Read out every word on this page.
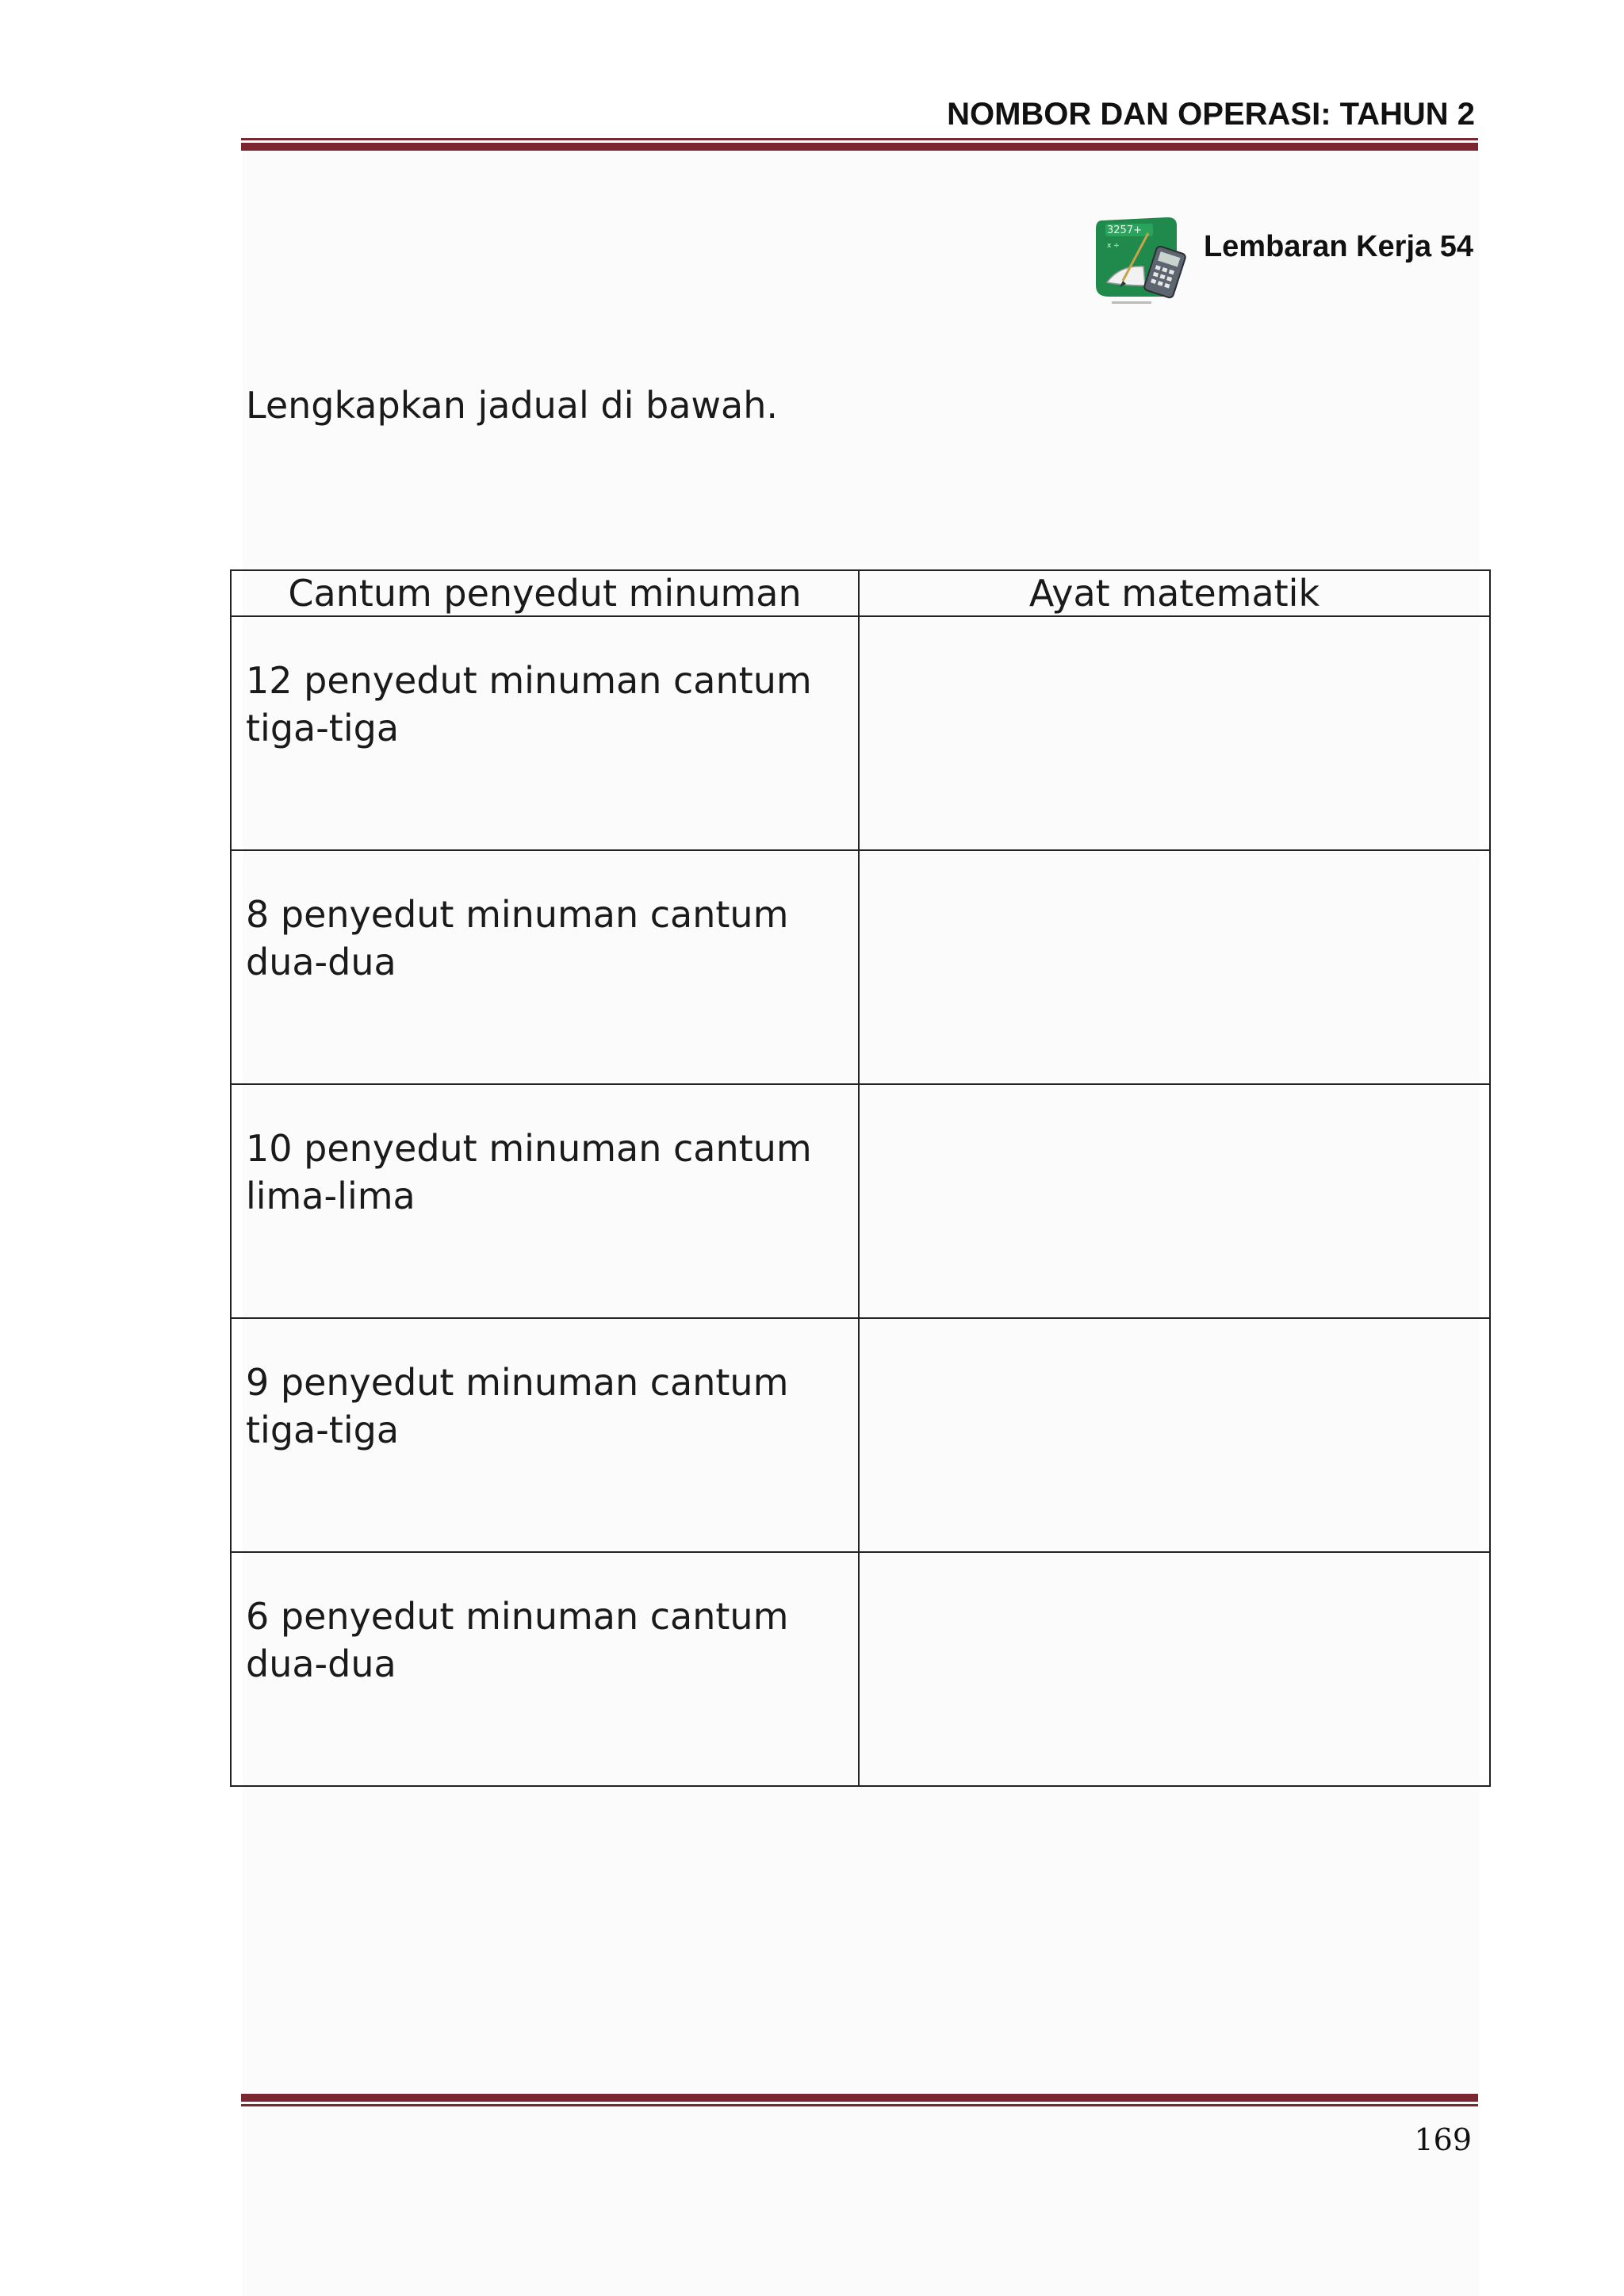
NOMBOR DAN OPERASI: TAHUN 2
3257+
x ÷	Lembaran Kerja 54
Lengkapkan jadual di bawah.
Cantum penyedut minuman	Ayat matematik
12 penyedut minuman cantum tiga-tiga	
8 penyedut minuman cantum dua-dua	
10 penyedut minuman cantum lima-lima	
9 penyedut minuman cantum tiga-tiga	
6 penyedut minuman cantum dua-dua	
169
